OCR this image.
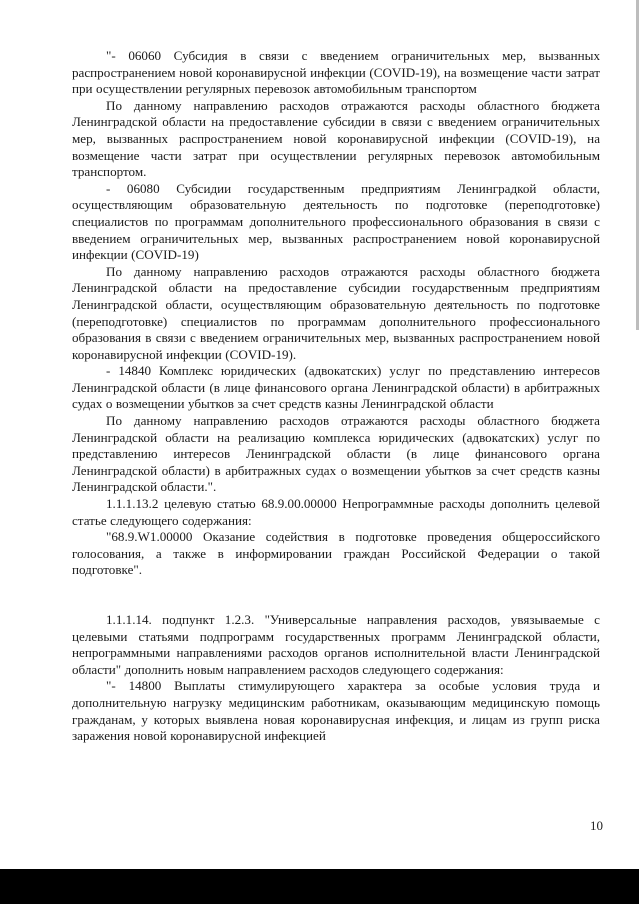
"- 06060 Субсидия в связи с введением ограничительных мер, вызванных распространением новой коронавирусной инфекции (COVID-19), на возмещение части затрат при осуществлении регулярных перевозок автомобильным транспортом

По данному направлению расходов отражаются расходы областного бюджета Ленинградской области на предоставление субсидии в связи с введением ограничительных мер, вызванных распространением новой коронавирусной инфекции (COVID-19), на возмещение части затрат при осуществлении регулярных перевозок автомобильным транспортом.

- 06080 Субсидии государственным предприятиям Ленинградкой области, осуществляющим образовательную деятельность по подготовке (переподготовке) специалистов по программам дополнительного профессионального образования в связи с введением ограничительных мер, вызванных распространением новой коронавирусной инфекции (COVID-19)

По данному направлению расходов отражаются расходы областного бюджета Ленинградской области на предоставление субсидии государственным предприятиям Ленинградской области, осуществляющим образовательную деятельность по подготовке (переподготовке) специалистов по программам дополнительного профессионального образования в связи с введением ограничительных мер, вызванных распространением новой коронавирусной инфекции (COVID-19).

- 14840 Комплекс юридических (адвокатских) услуг по представлению интересов Ленинградской области (в лице финансового органа Ленинградской области) в арбитражных судах о возмещении убытков за счет средств казны Ленинградской области

По данному направлению расходов отражаются расходы областного бюджета Ленинградской области на реализацию комплекса юридических (адвокатских) услуг по представлению интересов Ленинградской области (в лице финансового органа Ленинградской области) в арбитражных судах о возмещении убытков за счет средств казны Ленинградской области.".

1.1.1.13.2 целевую статью 68.9.00.00000 Непрограммные расходы дополнить целевой статье следующего содержания:

"68.9.W1.00000 Оказание содействия в подготовке проведения общероссийского голосования, а также в информировании граждан Российской Федерации о такой подготовке".

1.1.1.14. подпункт 1.2.3. "Универсальные направления расходов, увязываемые с целевыми статьями подпрограмм государственных программ Ленинградской области, непрограммными направлениями расходов органов исполнительной власти Ленинградской области" дополнить новым направлением расходов следующего содержания:

"- 14800 Выплаты стимулирующего характера за особые условия труда и дополнительную нагрузку медицинским работникам, оказывающим медицинскую помощь гражданам, у которых выявлена новая коронавирусная инфекция, и лицам из групп риска заражения новой коронавирусной инфекцией

10
